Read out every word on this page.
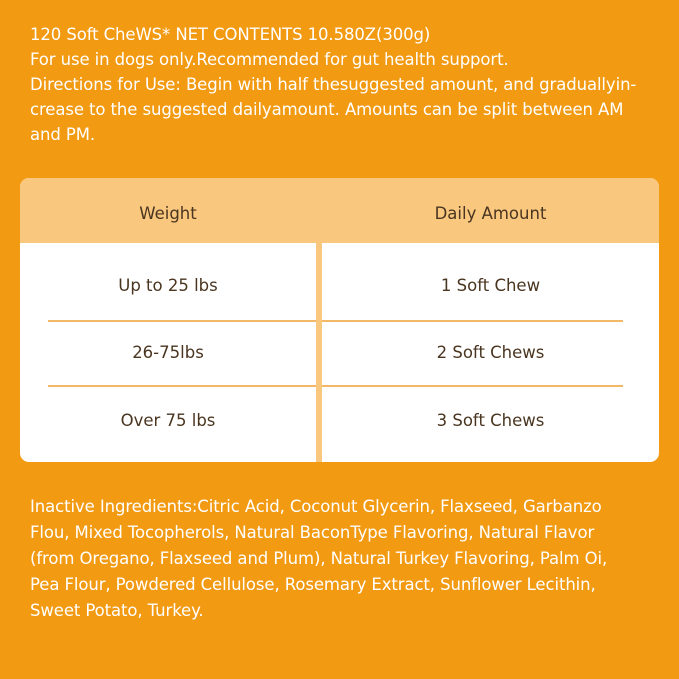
120 Soft CheWS* NET CONTENTS 10.580Z(300g)
For use in dogs only.Recommended for gut health support.
Directions for Use: Begin with half thesuggested amount, and graduallyin-
crease to the suggested dailyamount. Amounts can be split between AM
and PM.
Weight	Daily Amount
Up to 25 lbs	1 Soft Chew
26-75lbs	2 Soft Chews
Over 75 lbs	3 Soft Chews
Inactive Ingredients:Citric Acid, Coconut Glycerin, Flaxseed, Garbanzo
Flou, Mixed Tocopherols, Natural BaconType Flavoring, Natural Flavor
(from Oregano, Flaxseed and Plum), Natural Turkey Flavoring, Palm Oi,
Pea Flour, Powdered Cellulose, Rosemary Extract, Sunflower Lecithin,
Sweet Potato, Turkey.
